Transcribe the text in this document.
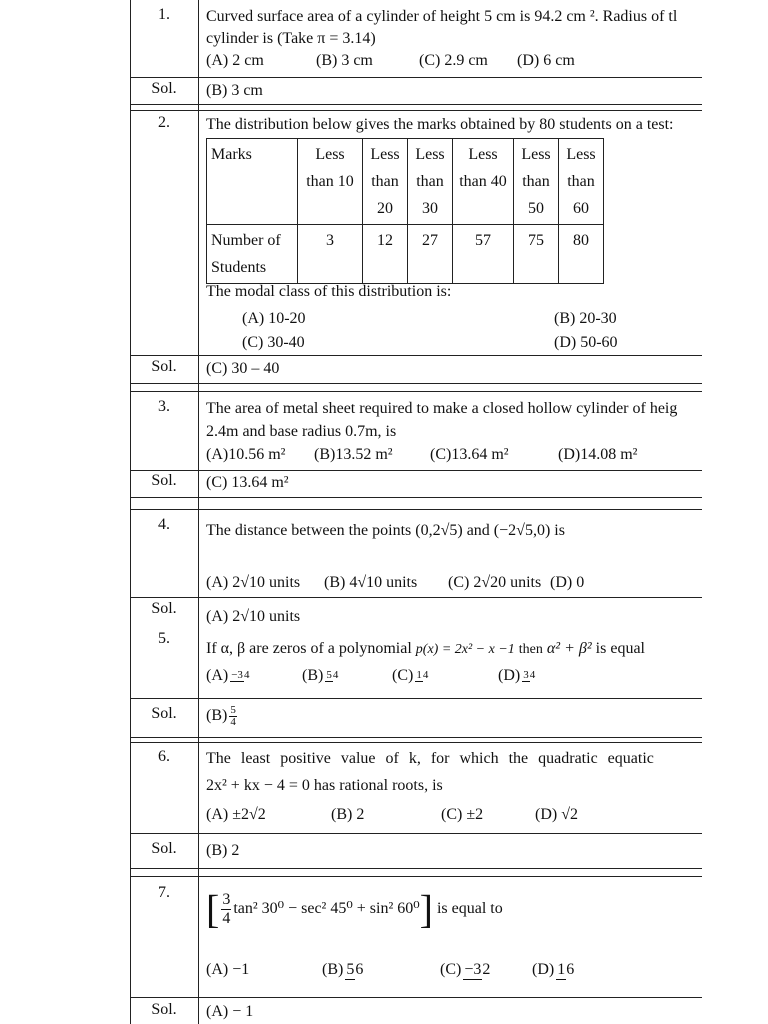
1.	Curved surface area of a cylinder of height 5 cm is 94.2 cm ². Radius of tl
cylinder is (Take π = 3.14)
(A) 2 cm	(B) 3 cm	(C) 2.9 cm (D) 6 cm
Sol.	(B) 3 cm
2.	The distribution below gives the marks obtained by 80 students on a test:
Marks	Less than 10	Less than 20	Less than 30	Less than 40	Less than 50	Less than 60
Number of Students	3	12	27	57	75	80
The modal class of this distribution is:
(A) 10-20	(B) 20-30
(C) 30-40	(D) 50-60
Sol.	(C) 30 – 40
3.	The area of metal sheet required to make a closed hollow cylinder of heig
2.4m and base radius 0.7m, is
(A)10.56 m² (B)13.52 m² (C)13.64 m²	(D)14.08 m²
Sol.	(C) 13.64 m²
4.	The distance between the points (0,2√5) and (−2√5,0) is
(A) 2√10 units (B) 4√10 units (C) 2√20 units (D) 0
Sol.	(A) 2√10 units
5.
If α, β are zeros of a polynomial p(x) = 2x² − x −1 then α² + β² is equal
(A) −34	(B) 54	(C) 14	(D) 34
Sol.	$(B) \frac{5}{4}$
6.	The least positive value of k, for which the quadratic equatic
2x² + kx − 4 = 0 has rational roots, is
(A) ±2√2	(B) 2	(C) ±2	(D) √2
Sol.	(B) 2
7. [ $\frac{3}{4} \tan^2$ 30⁰ − sec² 45⁰ + sin² 60⁰] is equal to
(A) −1	(B) 56	(C) −32	(D) 16
Sol.	(A) − 1
